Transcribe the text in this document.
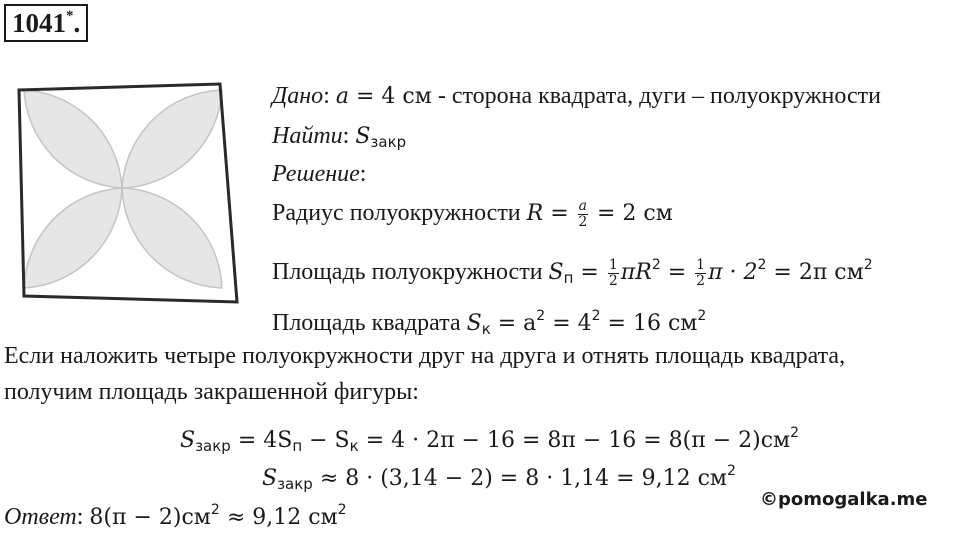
1041*.
Дано: a = 4 см - сторона квадрата, дуги – полуокружности
Найти: $S_{закр}$
Решение:
Радиус полуокружности $R = \frac{a}{2} = 2$ см
Площадь полуокружности $S_п = \frac{1}{2} \pi R^2 = \frac{1}{2}$ $\pi \cdot 2^2 = 2\pi$ $см^2$
Площадь квадрата $S_к = a^2 = 4^2 = 16$ $см^2$
Если наложить четыре полуокружности друг на друга и отнять площадь квадрата,
получим площадь закрашенной фигуры:
$S_{закр} = 4S_п - S_к = 4 \cdot 2\pi - 16 = 8\pi - 16 = 8(\pi - 2)см^2$
$S_{закр} \approx 8 \cdot (3,14 - 2) = 8 \cdot 1,14 = 9,12$ $см^2$
Ответ: $8(\pi - 2)см^2 \approx 9,12$ $см^2$	©pomogalka.me
